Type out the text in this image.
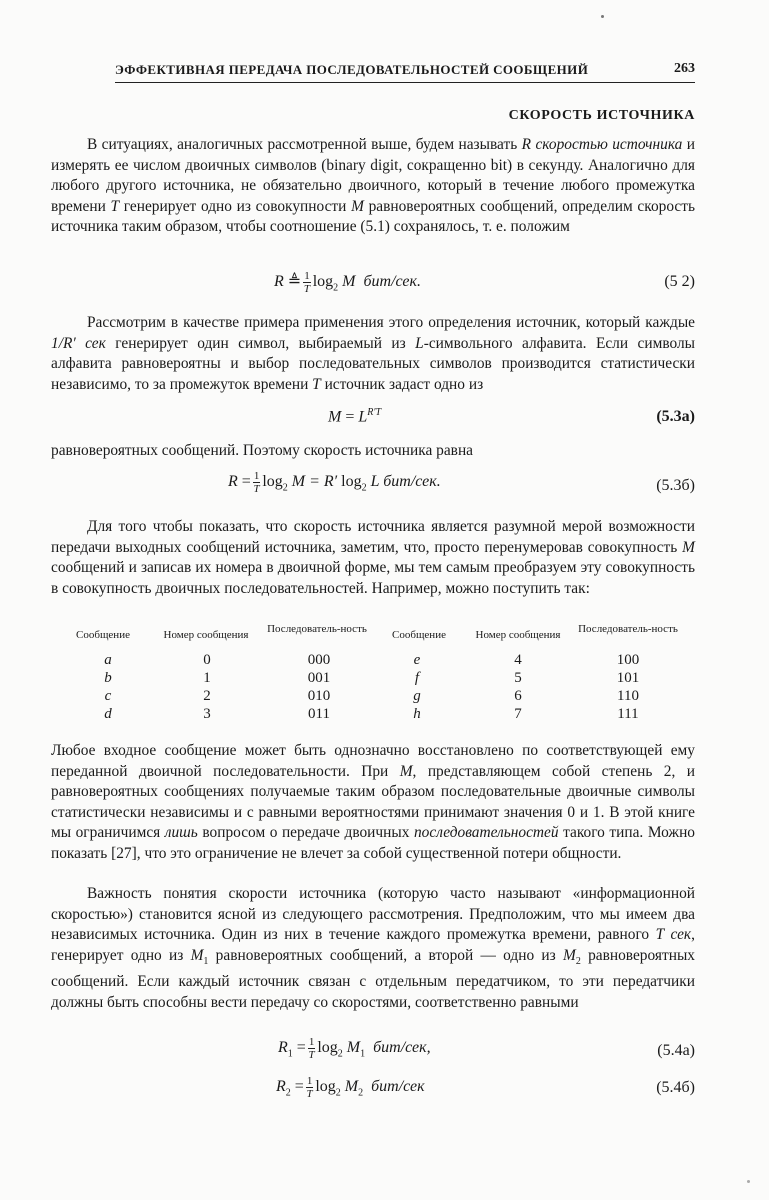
ЭФФЕКТИВНАЯ ПЕРЕДАЧА ПОСЛЕДОВАТЕЛЬНОСТЕЙ СООБЩЕНИЙ	263
СКОРОСТЬ ИСТОЧНИКА

В ситуациях, аналогичных рассмотренной выше, будем называть R скоростью источника и измерять ее числом двоичных символов (binary digit, сокращенно bit) в секунду. Аналогично для любого другого источника, не обязательно двоичного, который в течение любого промежутка времени T генерирует одно из совокупности M равновероятных сообщений, определим скорость источника таким образом, чтобы соотношение (5.1) сохранялось, т. е. положим

R ≜ $\frac{1}{T} \log_2 M$ бит/сек.	(5 2)

Рассмотрим в качестве примера применения этого определения источник, который каждые 1/R′ сек генерирует один символ, выбираемый из L-символьного алфавита. Если символы алфавита равновероятны и выбор последовательных символов производится статистически независимо, то за промежуток времени T источник задаст одно из

$M = L^{R'T}$	(5.3а)

равновероятных сообщений. Поэтому скорость источника равна

$R = \frac{1}{T} \log_2 M = R'$ $\log_2 L$ бит/сек.	(5.3б)

Для того чтобы показать, что скорость источника является разумной мерой возможности передачи выходных сообщений источника, заметим, что, просто перенумеровав совокупность M сообщений и записав их номера в двоичной форме, мы тем самым преобразуем эту совокупность в совокупность двоичных последовательностей. Например, можно поступить так:

Сообщение	Номер сообщения	Последователь-ность	Сообщение	Номер сообщения	Последователь-ность
a	0	000	e	4	100
b	1	001	f	5	101
c	2	010	g	6	110
d	3	011	h	7	111

Любое входное сообщение может быть однозначно восстановлено по соответствующей ему переданной двоичной последовательности. При M, представляющем собой степень 2, и равновероятных сообщениях получаемые таким образом последовательные двоичные символы статистически независимы и с равными вероятностями принимают значения 0 и 1. В этой книге мы ограничимся лишь вопросом о передаче двоичных последовательностей такого типа. Можно показать [27], что это ограничение не влечет за собой существенной потери общности.

Важность понятия скорости источника (которую часто называют «информационной скоростью») становится ясной из следующего рассмотрения. Предположим, что мы имеем два независимых источника. Один из них в течение каждого промежутка времени, равного T сек, генерирует одно из $M_1$ равновероятных сообщений, а второй — одно из $M_2$ равновероятных сообщений. Если каждый источник связан с отдельным передатчиком, то эти передатчики должны быть способны вести передачу со скоростями, соответственно равными

$R_1 = \frac{1}{T} \log_2 M_1$ бит/сек,	(5.4а)
$R_2 = \frac{1}{T} \log_2 M_2$ бит/сек	(5.4б)
